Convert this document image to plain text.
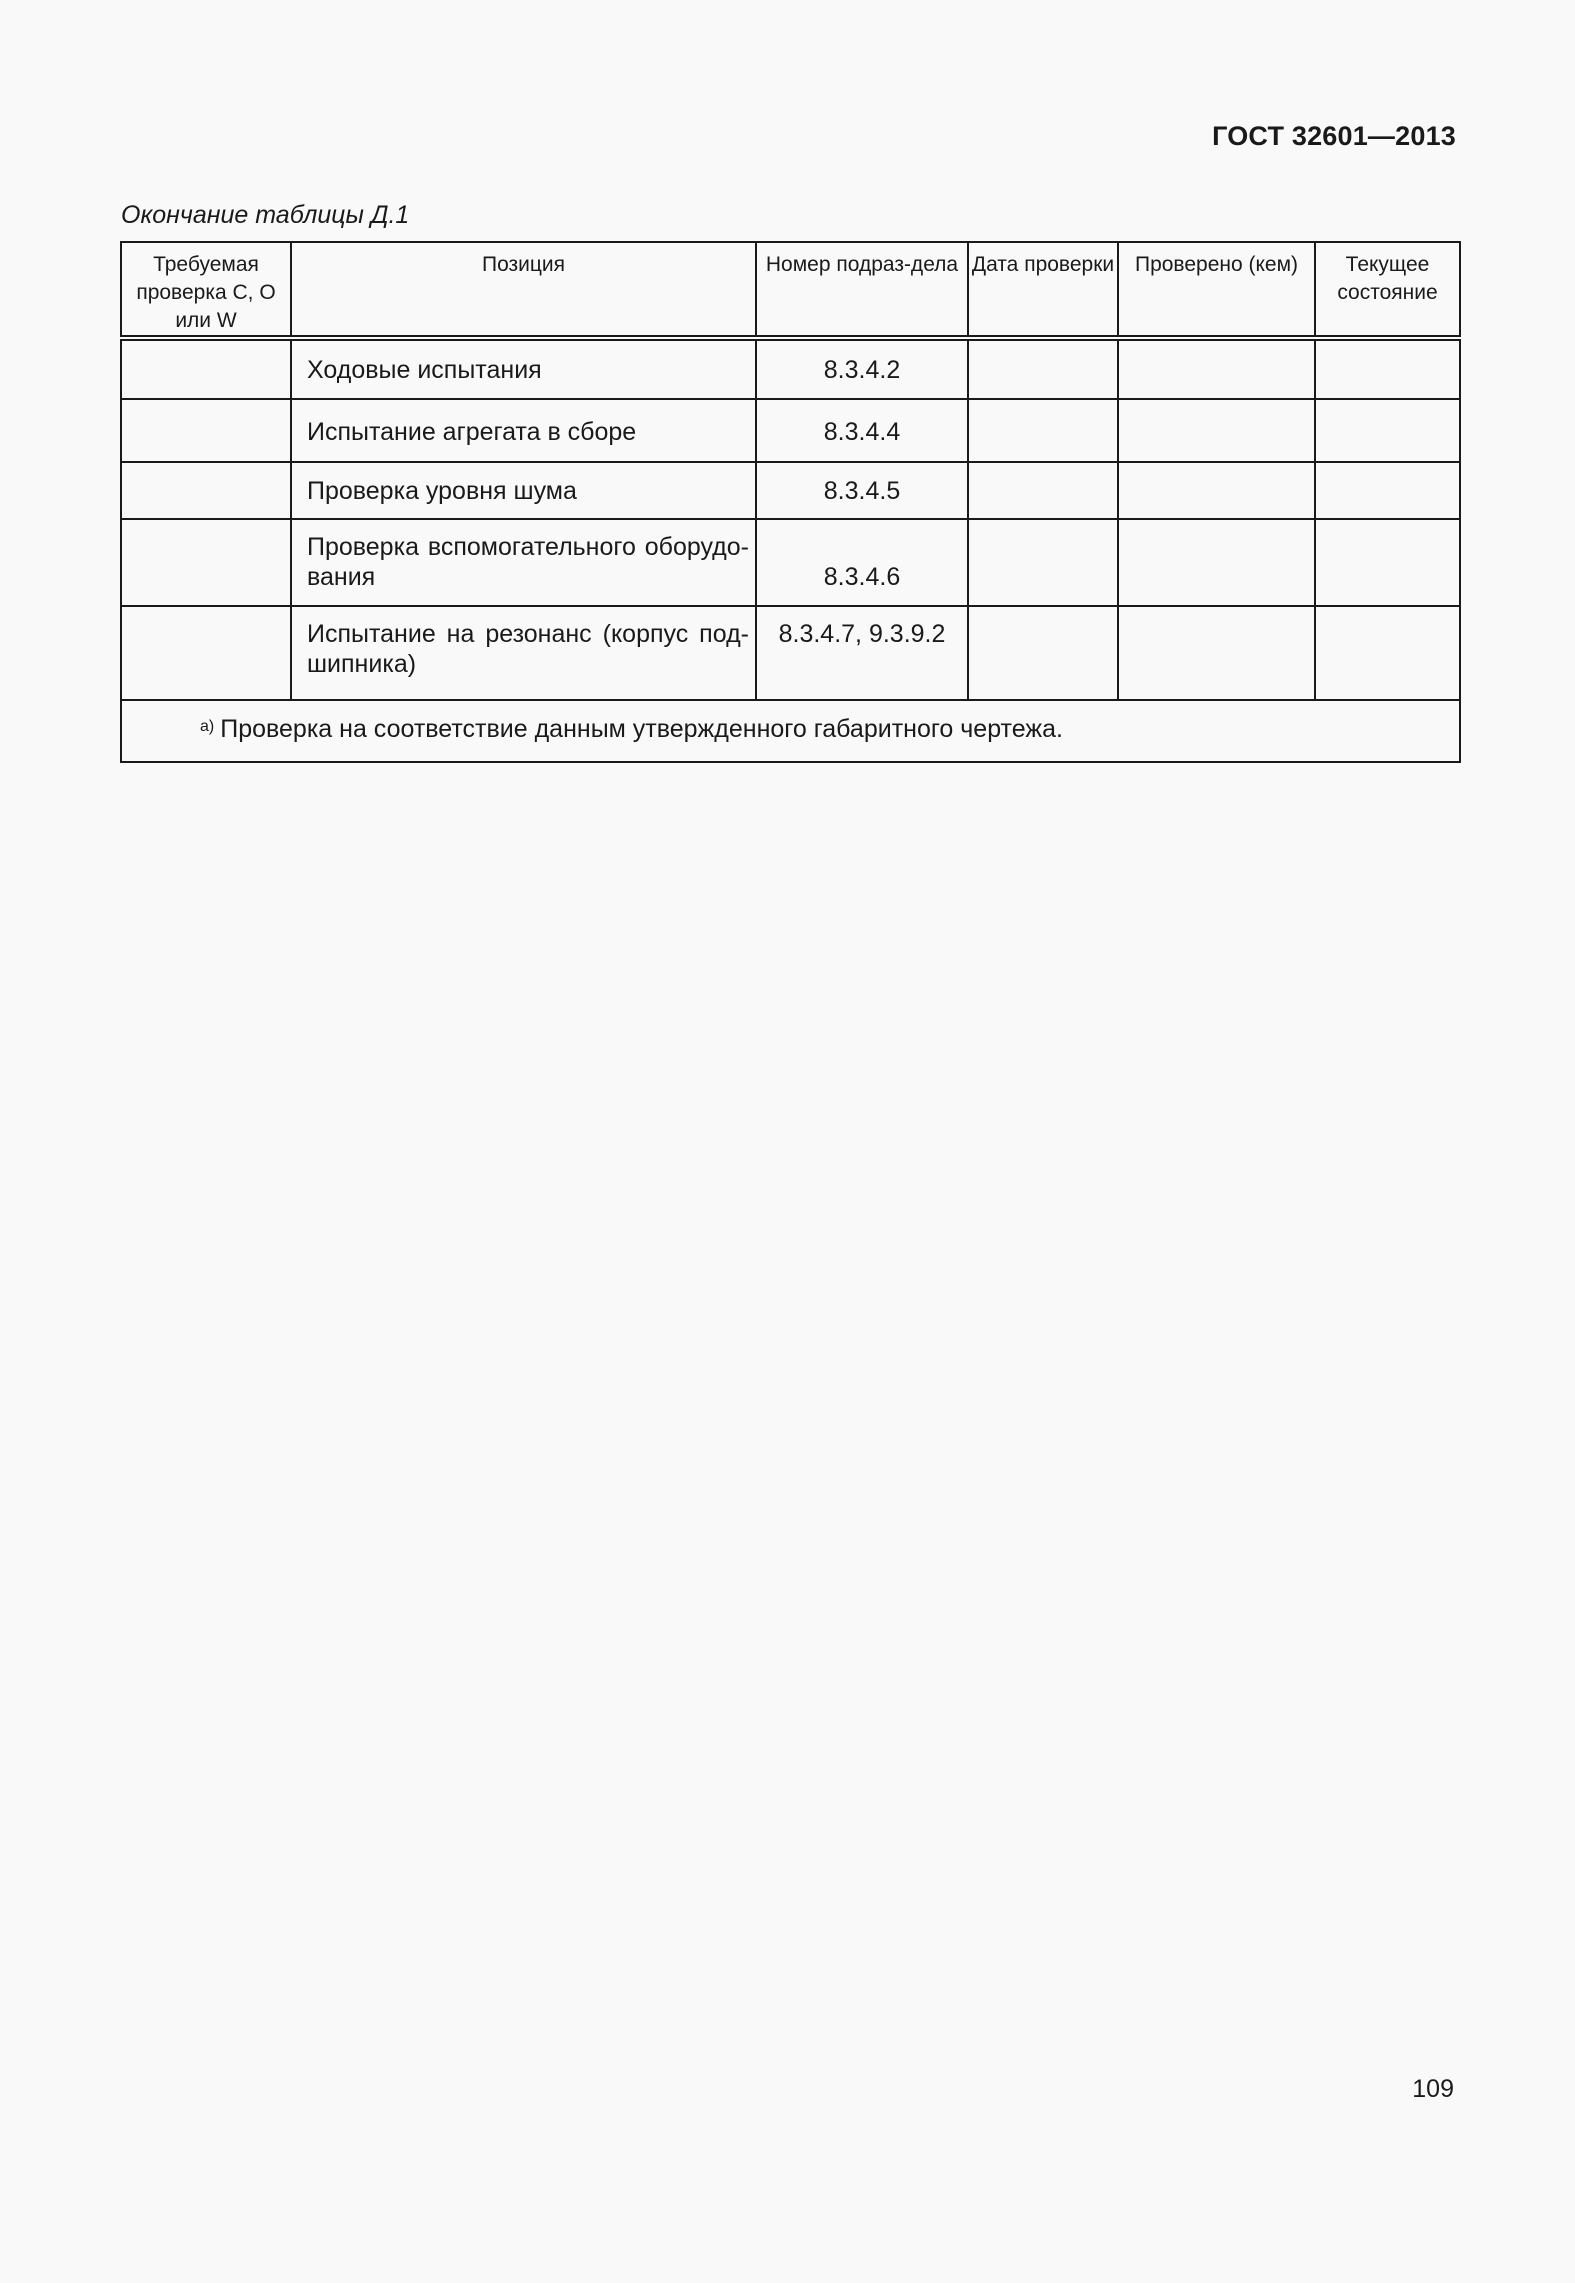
ГОСТ 32601—2013
Окончание таблицы Д.1
Требуемая проверка С, О или W	Позиция	Номер подраз-дела	Дата проверки	Проверено (кем)	Текущее состояние

	Ходовые испытания	8.3.4.2			

	Испытание агрегата в сборе	8.3.4.4			

	Проверка уровня шума	8.3.4.5			

	Проверка вспомогательного оборудо-вания	8.3.4.6			

	Испытание на резонанс (корпус под-шипника)	8.3.4.7, 9.3.9.2			

$^{а)}$ Проверка на соответствие данным утвержденного габаритного чертежа.					
109
